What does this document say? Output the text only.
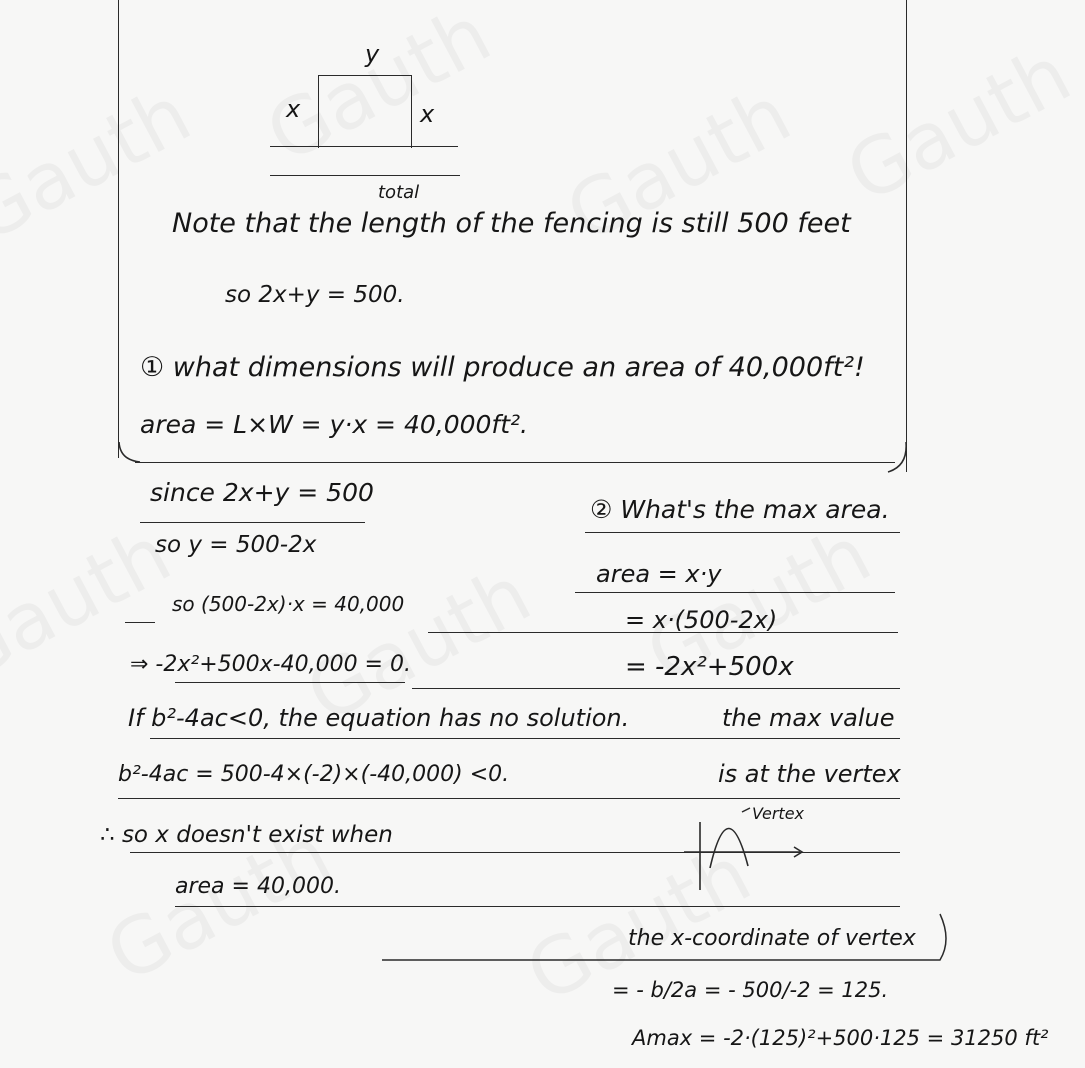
y
x	x
total
Note that the length of the fencing is still 500 feet
so 2x+y = 500.
① what dimensions will produce an area of 40,000ft²!
area = L×W = y·x = 40,000ft².
since 2x+y = 500
so y = 500-2x
so (500-2x)·x = 40,000
⇒ -2x²+500x-40,000 = 0.
If b²-4ac<0, the equation has no solution.
b²-4ac = 500-4×(-2)×(-40,000) <0.
∴ so x doesn't exist when
area = 40,000.
② What's the max area.
area = x·y
= x·(500-2x)
= -2x²+500x
the max value
is at the vertex
Vertex
the x-coordinate of vertex
= - b/2a = - 500/-2 = 125.
Amax = -2·(125)²+500·125 = 31250 ft²
